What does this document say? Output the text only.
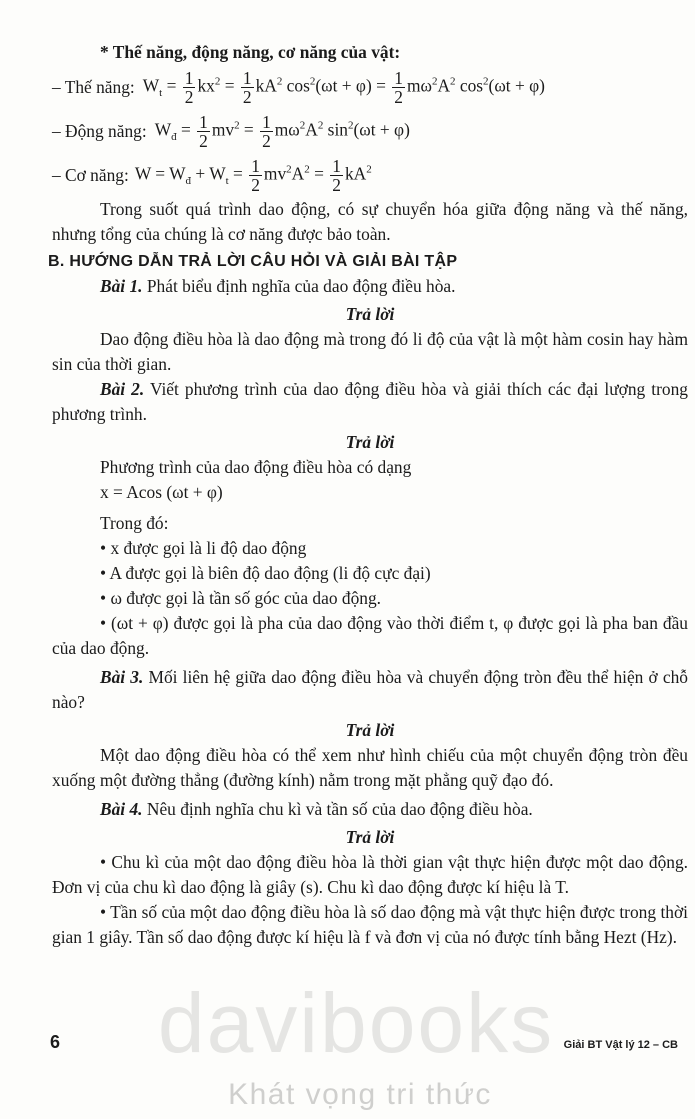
* Thế năng, động năng, cơ năng của vật:

– Thế năng: $W_t = \frac{1}{2} kx^2 = \frac{1}{2} kA^2$ $\cos^2(\omega t + \varphi) = \frac{1}{2} m\omega^2A^2$ $\cos^2(\omega t + \varphi)$
– Động năng: $W_đ = \frac{1}{2} mv^2 = \frac{1}{2} m\omega^2A^2$ $\sin^2(\omega t + \varphi)$
– Cơ năng: $W = W_đ + W_t = \frac{1}{2} mv^2A^2 = \frac{1}{2} kA^2$

Trong suốt quá trình dao động, có sự chuyển hóa giữa động năng và thế năng, nhưng tổng của chúng là cơ năng được bảo toàn.

B. HƯỚNG DẪN TRẢ LỜI CÂU HỎI VÀ GIẢI BÀI TẬP

Bài 1. Phát biểu định nghĩa của dao động điều hòa.

Trả lời

Dao động điều hòa là dao động mà trong đó li độ của vật là một hàm cosin hay hàm sin của thời gian.

Bài 2. Viết phương trình của dao động điều hòa và giải thích các đại lượng trong phương trình.

Trả lời

Phương trình của dao động điều hòa có dạng

x = Acos (ωt + φ)

Trong đó:

• x được gọi là li độ dao động

• A được gọi là biên độ dao động (li độ cực đại)

• ω được gọi là tần số góc của dao động.

• (ωt + φ) được gọi là pha của dao động vào thời điểm t, φ được gọi là pha ban đầu của dao động.

Bài 3. Mối liên hệ giữa dao động điều hòa và chuyển động tròn đều thể hiện ở chỗ nào?

Trả lời

Một dao động điều hòa có thể xem như hình chiếu của một chuyển động tròn đều xuống một đường thẳng (đường kính) nằm trong mặt phẳng quỹ đạo đó.

Bài 4. Nêu định nghĩa chu kì và tần số của dao động điều hòa.

Trả lời

• Chu kì của một dao động điều hòa là thời gian vật thực hiện được một dao động. Đơn vị của chu kì dao động là giây (s). Chu kì dao động được kí hiệu là T.

• Tần số của một dao động điều hòa là số dao động mà vật thực hiện được trong thời gian 1 giây. Tần số dao động được kí hiệu là f và đơn vị của nó được tính bằng Hezt (Hz).

davibooks
Khát vọng tri thức
6	Giải BT Vật lý 12 – CB
